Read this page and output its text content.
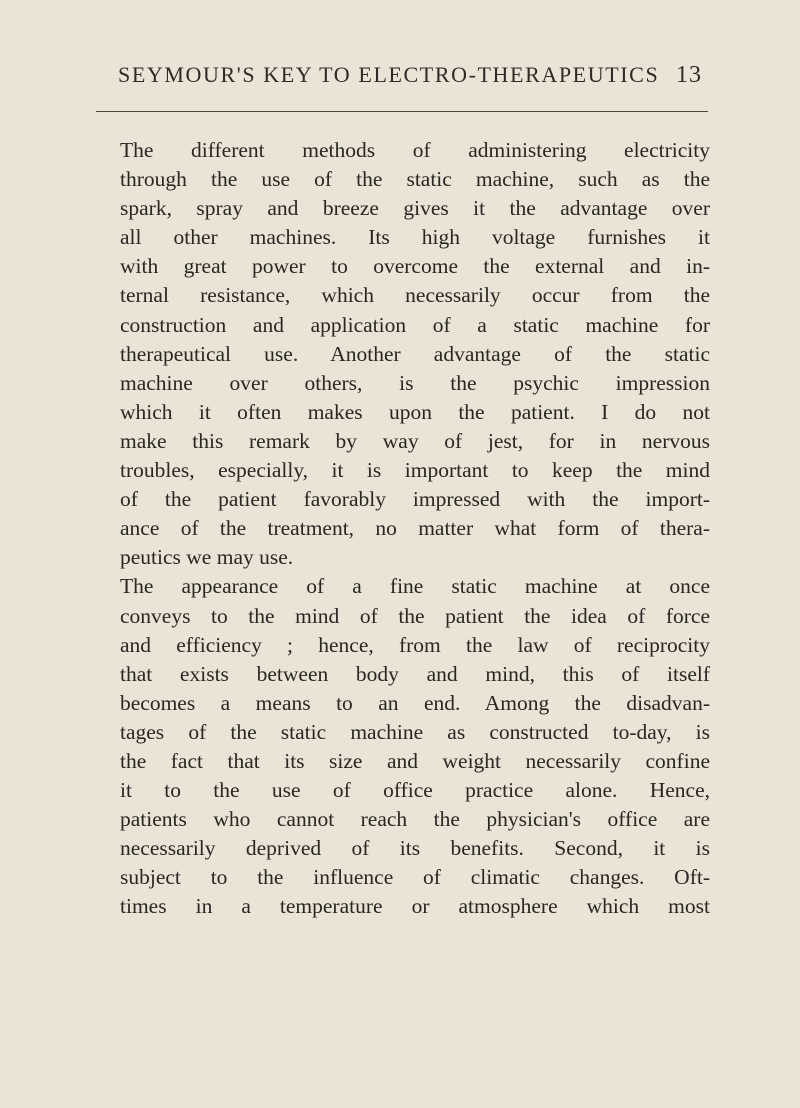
SEYMOUR'S KEY TO ELECTRO-THERAPEUTICS 13
The different methods of administering electricity
through the use of the static machine, such as the
spark, spray and breeze gives it the advantage over
all other machines. Its high voltage furnishes it
with great power to overcome the external and in-
ternal resistance, which necessarily occur from the
construction and application of a static machine for
therapeutical use. Another advantage of the static
machine over others, is the psychic impression
which it often makes upon the patient. I do not
make this remark by way of jest, for in nervous
troubles, especially, it is important to keep the mind
of the patient favorably impressed with the import-
ance of the treatment, no matter what form of thera-
peutics we may use.
The appearance of a fine static machine at once
conveys to the mind of the patient the idea of force
and efficiency ; hence, from the law of reciprocity
that exists between body and mind, this of itself
becomes a means to an end. Among the disadvan-
tages of the static machine as constructed to-day, is
the fact that its size and weight necessarily confine
it to the use of office practice alone. Hence,
patients who cannot reach the physician's office are
necessarily deprived of its benefits. Second, it is
subject to the influence of climatic changes. Oft-
times in a temperature or atmosphere which most
